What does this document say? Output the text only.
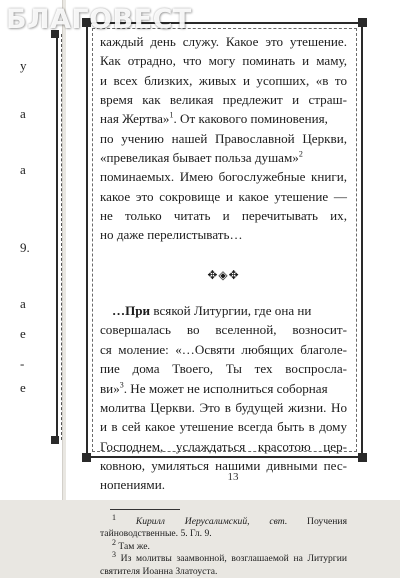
у
а
а
9.
а
е
-
е
БЛАГОВЕСТ
каждый день служу. Какое это утешение.
Как отрадно, что могу поминать и маму,
и всех близких, живых и усопших, «в то
время как великая предлежит и страш-
ная Жертва»$^1$. От каковогo поминовения,
по учению нашей Православной Церкви,
«превеликая бывает польза душам»$^2$
поминаемых. Имею богослужебные книги,
какое это сокровище и какое утешение —
не только читать и перечитывать их,
но даже перелистывать…
✥◈✥
…При всякой Литургии, где она ни
совершалась во вселенной, возносит-
ся моление: «…Освяти любящих благоле-
пие дома Твоего, Ты тех воспросла-
ви»$^3$. Не может не исполниться соборная
молитва Церкви. Это в будущей жизни. Но
и в сей какое утешение всегда быть в дому
Господнем, услаждаться красотою цер-
ковною, умиляться нашими дивными пес-
нопениями.
$^1$ Кирилл Иерусалимский, свт. Поучения тайноводственные. 5. Гл. 9.
$^2$ Там же.
$^3$ Из молитвы заамвонной, возглашаемой на Литургии святителя Иоанна Златоуста.
13
